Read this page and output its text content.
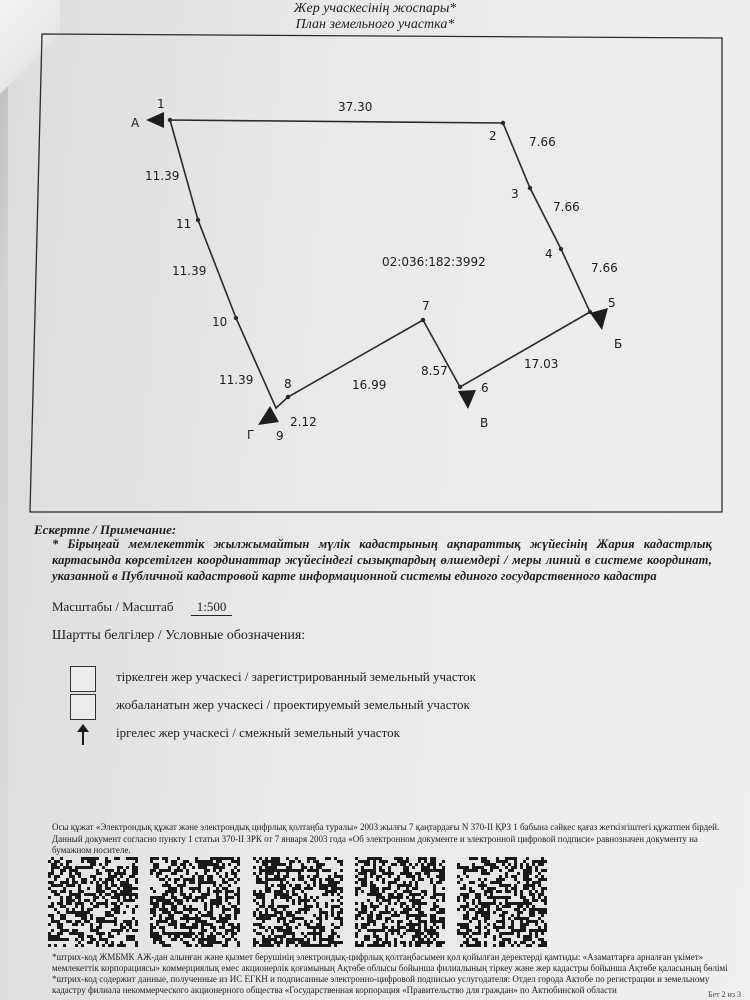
Жер учаскесінің жоспары*
План земельного участка*
1
2
3
4
5
6
7
8
9
10
11
37.30
7.66
7.66
7.66
17.03
8.57
16.99
2.12
11.39
11.39
11.39
А
Б
В
Г
02:036:182:3992
Ескертпе / Примечание:
* Бірыңғай мемлекеттік жылжымайтын мүлік кадастрының ақпараттық жүйесінің Жария кадастрлық картасында көрсетілген координаттар жүйесіндегі сызықтардың өлшемдері / меры линий в системе координат, указанной в Публичной кадастровой карте информационной системы единого государственного кадастра
Масштабы / Масштаб 1:500
Шартты белгілер / Условные обозначения:
тіркелген жер учаскесі / зарегистрированный земельный участок
жобаланатын жер учаскесі / проектируемый земельный участок
іргелес жер учаскесі / смежный земельный участок
Осы құжат «Электрондық құжат және электрондық цифрлық қолтаңба туралы» 2003 жылғы 7 қаңтардағы N 370-II ҚРЗ 1 бабына сәйкес қағаз жеткізгіштегі құжатпен бірдей.
Данный документ согласно пункту 1 статьи 370-II ЗРК от 7 января 2003 года «Об электронном документе и электронной цифровой подписи» равнозначен документу на бумажном носителе.
*штрих-код ЖМБМК АЖ-дан алынған және қызмет берушінің электрондық-цифрлық қолтаңбасымен қол қойылған деректерді қамтиды: «Азаматтарға арналған үкімет» мемлекеттік корпорациясы» коммерциялық емес акционерлік қоғамының Ақтөбе облысы бойынша филиалының тіркеу және жер кадастры бойынша Ақтөбе қаласының бөлімі
*штрих-код содержит данные, полученные из ИС ЕГКН и подписанные электронно-цифровой подписью услугодателя: Отдел города Актобе по регистрации и земельному кадастру филиала некоммерческого акционерного общества «Государственная корпорация «Правительство для граждан» по Актюбинской области	Бет 2 из 3
